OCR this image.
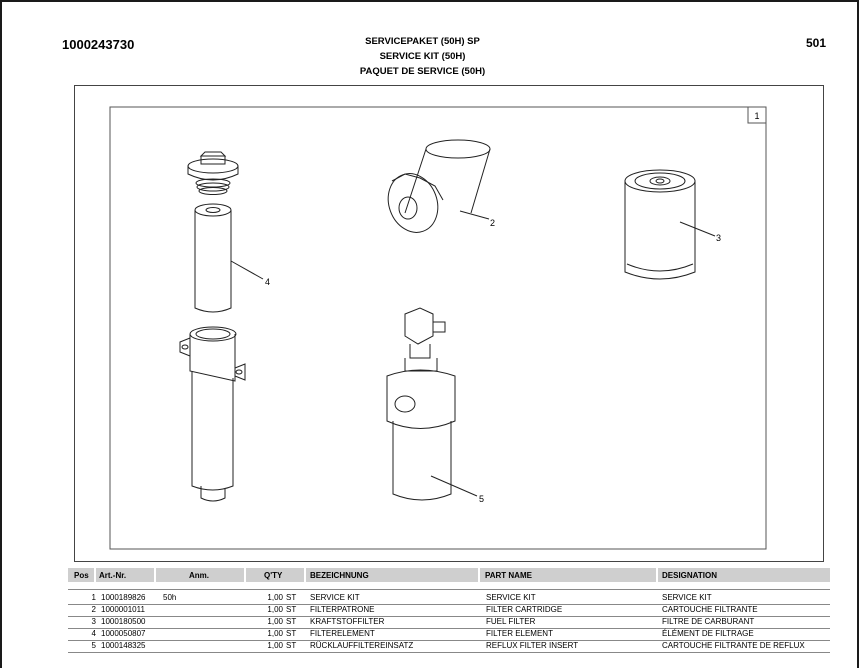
1000243730	501
SERVICEPAKET (50H) SP
SERVICE KIT (50H)
PAQUET DE SERVICE (50H)
1
4
2
3
5
Pos Art.-Nr.	Anm.	Q'TY	BEZEICHNUNG	PART NAME	DESIGNATION
1 1000189826 50h	1,00 ST SERVICE KIT	SERVICE KIT	SERVICE KIT
2 1000001011	1,00 ST FILTERPATRONE	FILTER CARTRIDGE	CARTOUCHE FILTRANTE
3 1000180500	1,00 ST KRAFTSTOFFILTER	FUEL FILTER	FILTRE DE CARBURANT
4 1000050807	1,00 ST FILTERELEMENT	FILTER ELEMENT	ÉLÉMENT DE FILTRAGE
5 1000148325	1,00 ST RÜCKLAUFFILTEREINSATZ	REFLUX FILTER INSERT	CARTOUCHE FILTRANTE DE REFLUX
